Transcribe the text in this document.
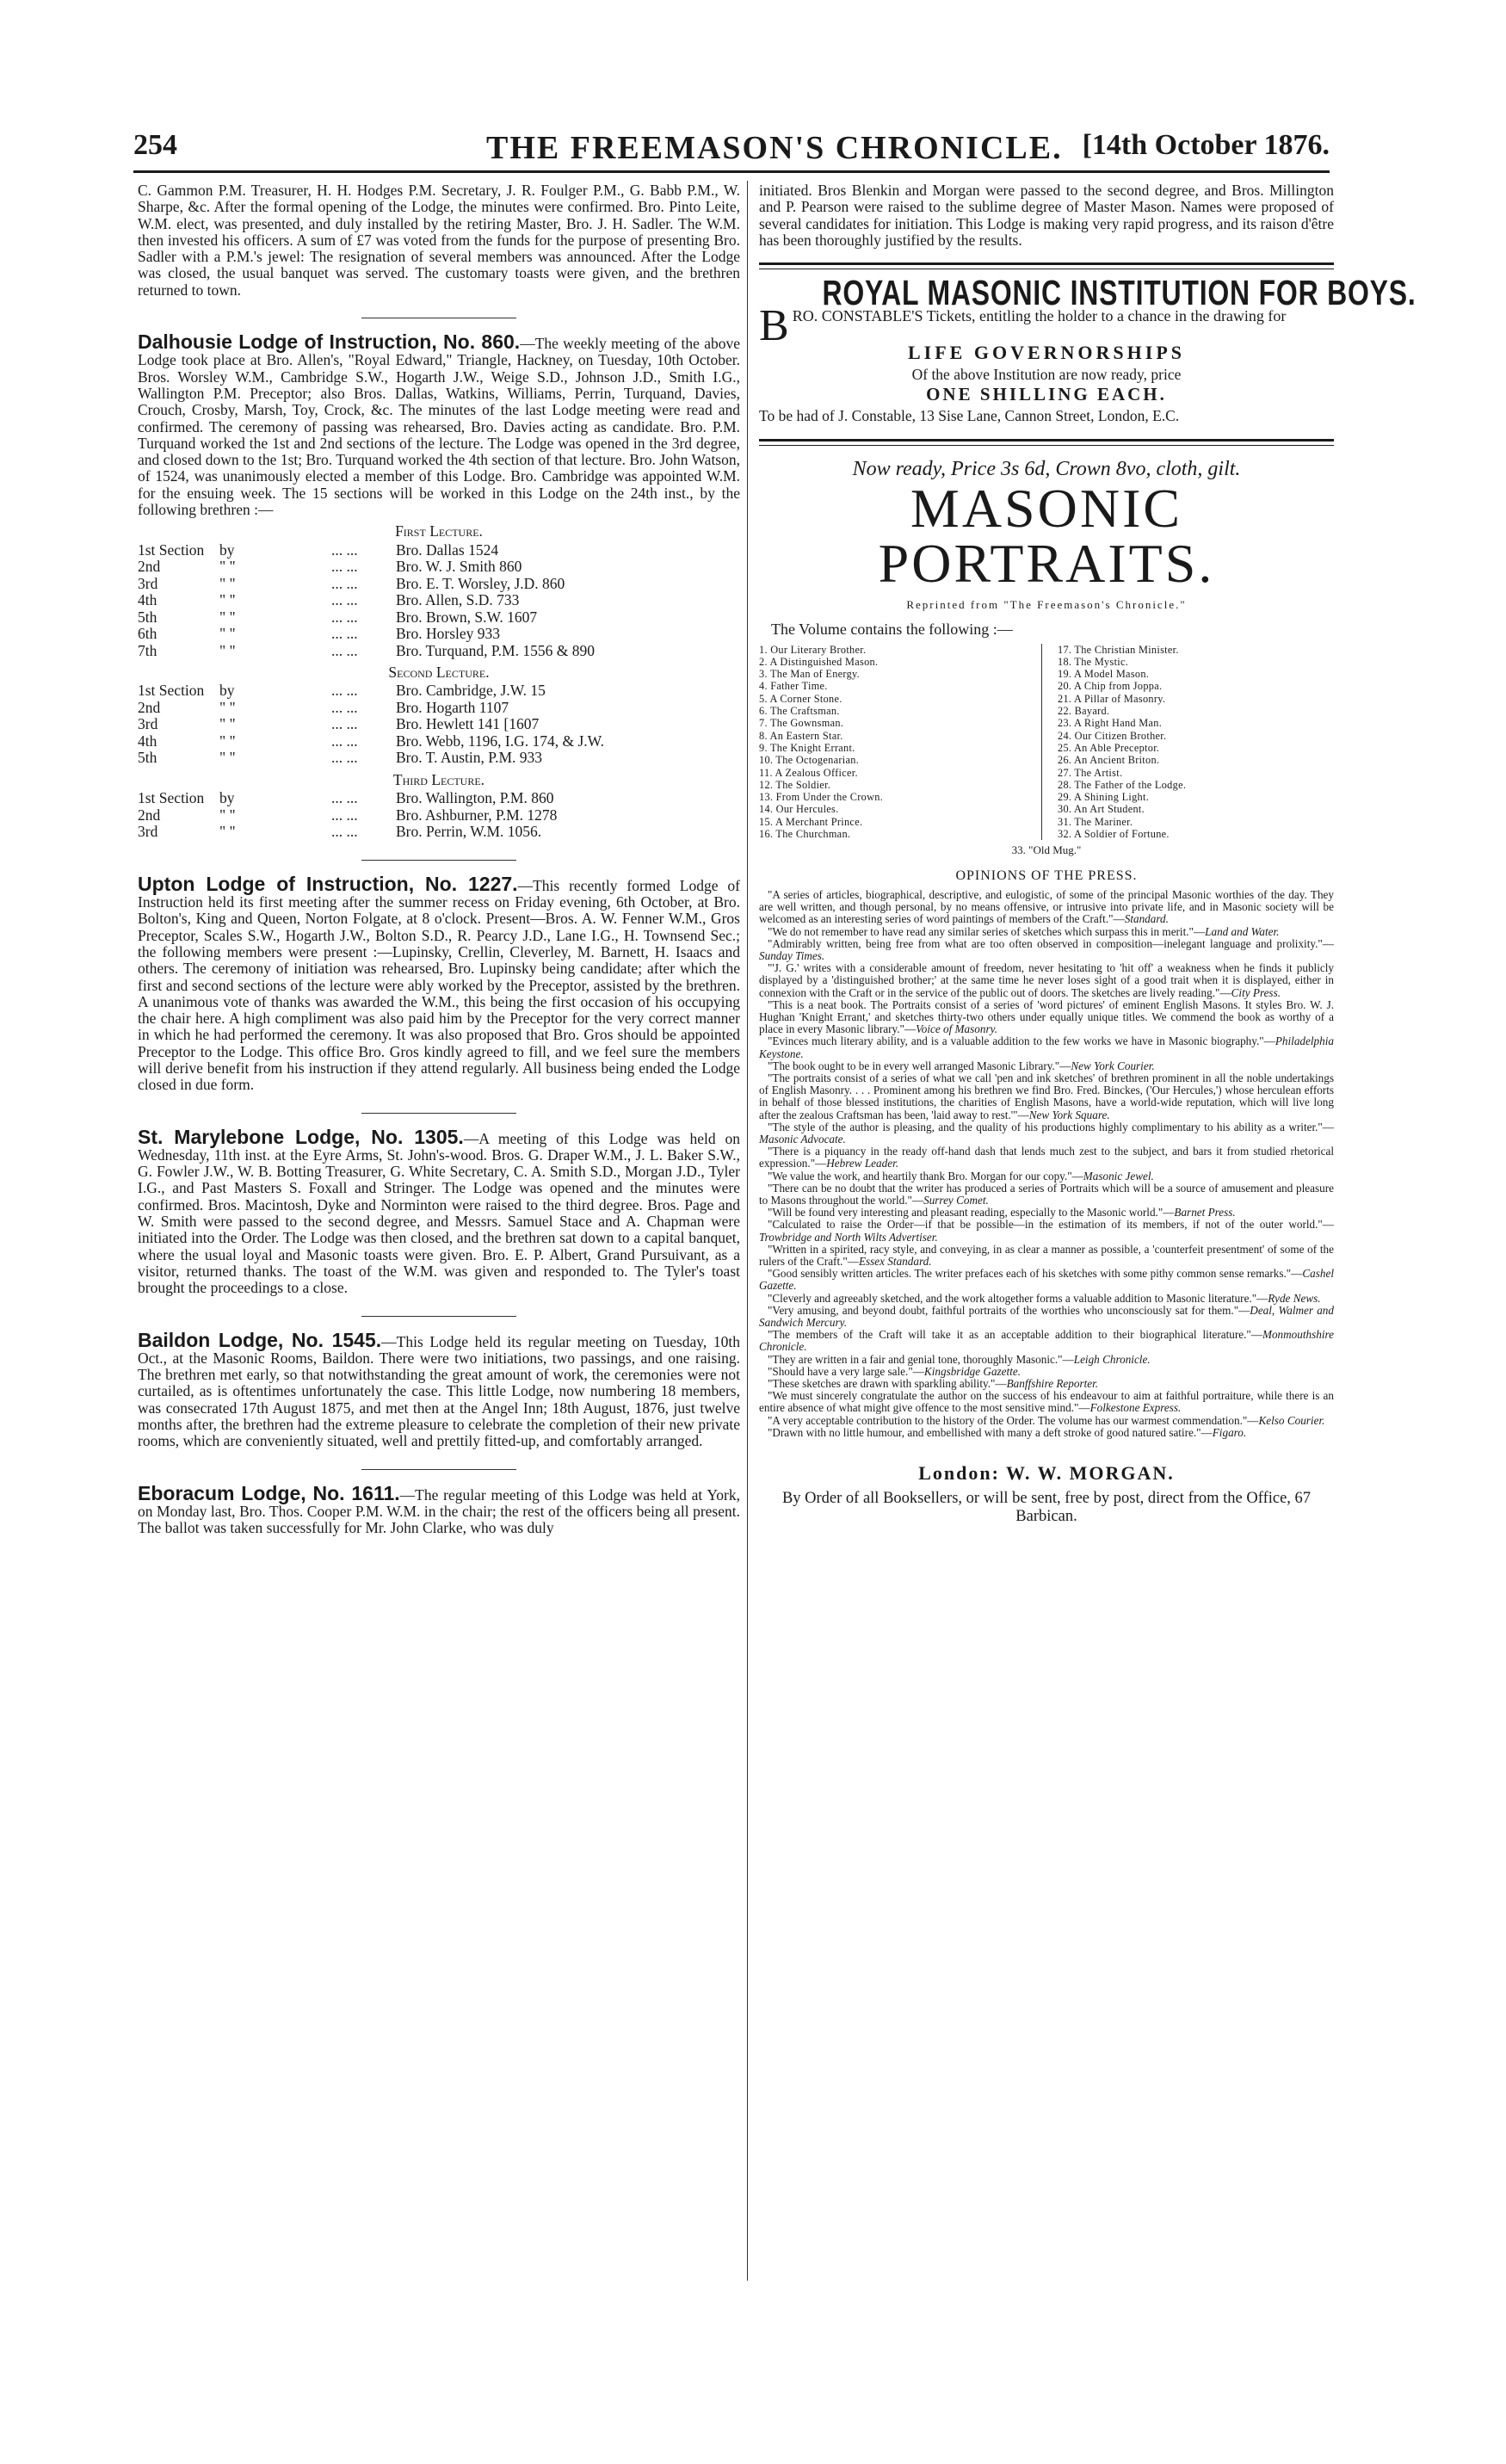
254	THE FREEMASON'S CHRONICLE. [14th October 1876.

C. Gammon P.M. Treasurer, H. H. Hodges P.M. Secretary, J. R. Foulger P.M., G. Babb P.M., W. Sharpe, &c. After the formal opening of the Lodge, the minutes were confirmed. Bro. Pinto Leite, W.M. elect, was presented, and duly installed by the retiring Master, Bro. J. H. Sadler. The W.M. then invested his officers. A sum of £7 was voted from the funds for the purpose of presenting Bro. Sadler with a P.M.'s jewel: The resignation of several members was announced. After the Lodge was closed, the usual banquet was served. The customary toasts were given, and the brethren returned to town.

Dalhousie Lodge of Instruction, No. 860.—The weekly meeting of the above Lodge took place at Bro. Allen's, "Royal Edward," Triangle, Hackney, on Tuesday, 10th October. Bros. Worsley W.M., Cambridge S.W., Hogarth J.W., Weige S.D., Johnson J.D., Smith I.G., Wallington P.M. Preceptor; also Bros. Dallas, Watkins, Williams, Perrin, Turquand, Davies, Crouch, Crosby, Marsh, Toy, Crock, &c. The minutes of the last Lodge meeting were read and confirmed. The ceremony of passing was rehearsed, Bro. Davies acting as candidate. Bro. P.M. Turquand worked the 1st and 2nd sections of the lecture. The Lodge was opened in the 3rd degree, and closed down to the 1st; Bro. Turquand worked the 4th section of that lecture. Bro. John Watson, of 1524, was unanimously elected a member of this Lodge. Bro. Cambridge was appointed W.M. for the ensuing week. The 15 sections will be worked in this Lodge on the 24th inst., by the following brethren :—

First Lecture.
1st Section	by	... ...	Bro. Dallas 1524
2nd	" "	... ...	Bro. W. J. Smith 860
3rd	" "	... ...	Bro. E. T. Worsley, J.D. 860
4th	" "	... ...	Bro. Allen, S.D. 733
5th	" "	... ...	Bro. Brown, S.W. 1607
6th	" "	... ...	Bro. Horsley 933
7th	" "	... ...	Bro. Turquand, P.M. 1556 & 890
Second Lecture.
1st Section	by	... ...	Bro. Cambridge, J.W. 15
2nd	" "	... ...	Bro. Hogarth 1107
3rd	" "	... ...	Bro. Hewlett 141 [1607
4th	" "	... ...	Bro. Webb, 1196, I.G. 174, & J.W.
5th	" "	... ...	Bro. T. Austin, P.M. 933
Third Lecture.
1st Section	by	... ...	Bro. Wallington, P.M. 860
2nd	" "	... ...	Bro. Ashburner, P.M. 1278
3rd	" "	... ...	Bro. Perrin, W.M. 1056.

Upton Lodge of Instruction, No. 1227.—This recently formed Lodge of Instruction held its first meeting after the summer recess on Friday evening, 6th October, at Bro. Bolton's, King and Queen, Norton Folgate, at 8 o'clock. Present—Bros. A. W. Fenner W.M., Gros Preceptor, Scales S.W., Hogarth J.W., Bolton S.D., R. Pearcy J.D., Lane I.G., H. Townsend Sec.; the following members were present :—Lupinsky, Crellin, Cleverley, M. Barnett, H. Isaacs and others. The ceremony of initiation was rehearsed, Bro. Lupinsky being candidate; after which the first and second sections of the lecture were ably worked by the Preceptor, assisted by the brethren. A unanimous vote of thanks was awarded the W.M., this being the first occasion of his occupying the chair here. A high compliment was also paid him by the Preceptor for the very correct manner in which he had performed the ceremony. It was also proposed that Bro. Gros should be appointed Preceptor to the Lodge. This office Bro. Gros kindly agreed to fill, and we feel sure the members will derive benefit from his instruction if they attend regularly. All business being ended the Lodge closed in due form.

St. Marylebone Lodge, No. 1305.—A meeting of this Lodge was held on Wednesday, 11th inst. at the Eyre Arms, St. John's-wood. Bros. G. Draper W.M., J. L. Baker S.W., G. Fowler J.W., W. B. Botting Treasurer, G. White Secretary, C. A. Smith S.D., Morgan J.D., Tyler I.G., and Past Masters S. Foxall and Stringer. The Lodge was opened and the minutes were confirmed. Bros. Macintosh, Dyke and Norminton were raised to the third degree. Bros. Page and W. Smith were passed to the second degree, and Messrs. Samuel Stace and A. Chapman were initiated into the Order. The Lodge was then closed, and the brethren sat down to a capital banquet, where the usual loyal and Masonic toasts were given. Bro. E. P. Albert, Grand Pursuivant, as a visitor, returned thanks. The toast of the W.M. was given and responded to. The Tyler's toast brought the proceedings to a close.

Baildon Lodge, No. 1545.—This Lodge held its regular meeting on Tuesday, 10th Oct., at the Masonic Rooms, Baildon. There were two initiations, two passings, and one raising. The brethren met early, so that notwithstanding the great amount of work, the ceremonies were not curtailed, as is oftentimes unfortunately the case. This little Lodge, now numbering 18 members, was consecrated 17th August 1875, and met then at the Angel Inn; 18th August, 1876, just twelve months after, the brethren had the extreme pleasure to celebrate the completion of their new private rooms, which are conveniently situated, well and prettily fitted-up, and comfortably arranged.

Eboracum Lodge, No. 1611.—The regular meeting of this Lodge was held at York, on Monday last, Bro. Thos. Cooper P.M. W.M. in the chair; the rest of the officers being all present. The ballot was taken successfully for Mr. John Clarke, who was duly

initiated. Bros Blenkin and Morgan were passed to the second degree, and Bros. Millington and P. Pearson were raised to the sublime degree of Master Mason. Names were proposed of several candidates for initiation. This Lodge is making very rapid progress, and its raison d'être has been thoroughly justified by the results.

ROYAL MASONIC INSTITUTION FOR BOYS.

BRO. CONSTABLE'S Tickets, entitling the holder to a chance in the drawing for

LIFE GOVERNORSHIPS

Of the above Institution are now ready, price

ONE SHILLING EACH.

To be had of J. Constable, 13 Sise Lane, Cannon Street, London, E.C.

Now ready, Price 3s 6d, Crown 8vo, cloth, gilt.
MASONIC PORTRAITS.
Reprinted from "The Freemason's Chronicle."
The Volume contains the following :—
1. Our Literary Brother.
2. A Distinguished Mason.
3. The Man of Energy.
4. Father Time.
5. A Corner Stone.
6. The Craftsman.
7. The Gownsman.
8. An Eastern Star.
9. The Knight Errant.
10. The Octogenarian.
11. A Zealous Officer.
12. The Soldier.
13. From Under the Crown.
14. Our Hercules.
15. A Merchant Prince.
16. The Churchman.
17. The Christian Minister.
18. The Mystic.
19. A Model Mason.
20. A Chip from Joppa.
21. A Pillar of Masonry.
22. Bayard.
23. A Right Hand Man.
24. Our Citizen Brother.
25. An Able Preceptor.
26. An Ancient Briton.
27. The Artist.
28. The Father of the Lodge.
29. A Shining Light.
30. An Art Student.
31. The Mariner.
32. A Soldier of Fortune.
33. "Old Mug."
OPINIONS OF THE PRESS.

"A series of articles, biographical, descriptive, and eulogistic, of some of the principal Masonic worthies of the day. They are well written, and though personal, by no means offensive, or intrusive into private life, and in Masonic society will be welcomed as an interesting series of word paintings of members of the Craft."—Standard.

"We do not remember to have read any similar series of sketches which surpass this in merit."—Land and Water.

"Admirably written, being free from what are too often observed in composition—inelegant language and prolixity."—Sunday Times.

"'J. G.' writes with a considerable amount of freedom, never hesitating to 'hit off' a weakness when he finds it publicly displayed by a 'distinguished brother;' at the same time he never loses sight of a good trait when it is displayed, either in connexion with the Craft or in the service of the public out of doors. The sketches are lively reading."—City Press.

"This is a neat book. The Portraits consist of a series of 'word pictures' of eminent English Masons. It styles Bro. W. J. Hughan 'Knight Errant,' and sketches thirty-two others under equally unique titles. We commend the book as worthy of a place in every Masonic library."—Voice of Masonry.

"Evinces much literary ability, and is a valuable addition to the few works we have in Masonic biography."—Philadelphia Keystone.

"The book ought to be in every well arranged Masonic Library."—New York Courier.

"The portraits consist of a series of what we call 'pen and ink sketches' of brethren prominent in all the noble undertakings of English Masonry. . . . Prominent among his brethren we find Bro. Fred. Binckes, ('Our Hercules,') whose herculean efforts in behalf of those blessed institutions, the charities of English Masons, have a world-wide reputation, which will live long after the zealous Craftsman has been, 'laid away to rest.'"—New York Square.

"The style of the author is pleasing, and the quality of his productions highly complimentary to his ability as a writer."—Masonic Advocate.

"There is a piquancy in the ready off-hand dash that lends much zest to the subject, and bars it from studied rhetorical expression."—Hebrew Leader.

"We value the work, and heartily thank Bro. Morgan for our copy."—Masonic Jewel.

"There can be no doubt that the writer has produced a series of Portraits which will be a source of amusement and pleasure to Masons throughout the world."—Surrey Comet.

"Will be found very interesting and pleasant reading, especially to the Masonic world."—Barnet Press.

"Calculated to raise the Order—if that be possible—in the estimation of its members, if not of the outer world."—Trowbridge and North Wilts Advertiser.

"Written in a spirited, racy style, and conveying, in as clear a manner as possible, a 'counterfeit presentment' of some of the rulers of the Craft."—Essex Standard.

"Good sensibly written articles. The writer prefaces each of his sketches with some pithy common sense remarks."—Cashel Gazette.

"Cleverly and agreeably sketched, and the work altogether forms a valuable addition to Masonic literature."—Ryde News.

"Very amusing, and beyond doubt, faithful portraits of the worthies who unconsciously sat for them."—Deal, Walmer and Sandwich Mercury.

"The members of the Craft will take it as an acceptable addition to their biographical literature."—Monmouthshire Chronicle.

"They are written in a fair and genial tone, thoroughly Masonic."—Leigh Chronicle.

"Should have a very large sale."—Kingsbridge Gazette.

"These sketches are drawn with sparkling ability."—Banffshire Reporter.

"We must sincerely congratulate the author on the success of his endeavour to aim at faithful portraiture, while there is an entire absence of what might give offence to the most sensitive mind."—Folkestone Express.

"A very acceptable contribution to the history of the Order. The volume has our warmest commendation."—Kelso Courier.

"Drawn with no little humour, and embellished with many a deft stroke of good natured satire."—Figaro.

London: W. W. MORGAN.
By Order of all Booksellers, or will be sent, free by post, direct from the Office, 67 Barbican.
